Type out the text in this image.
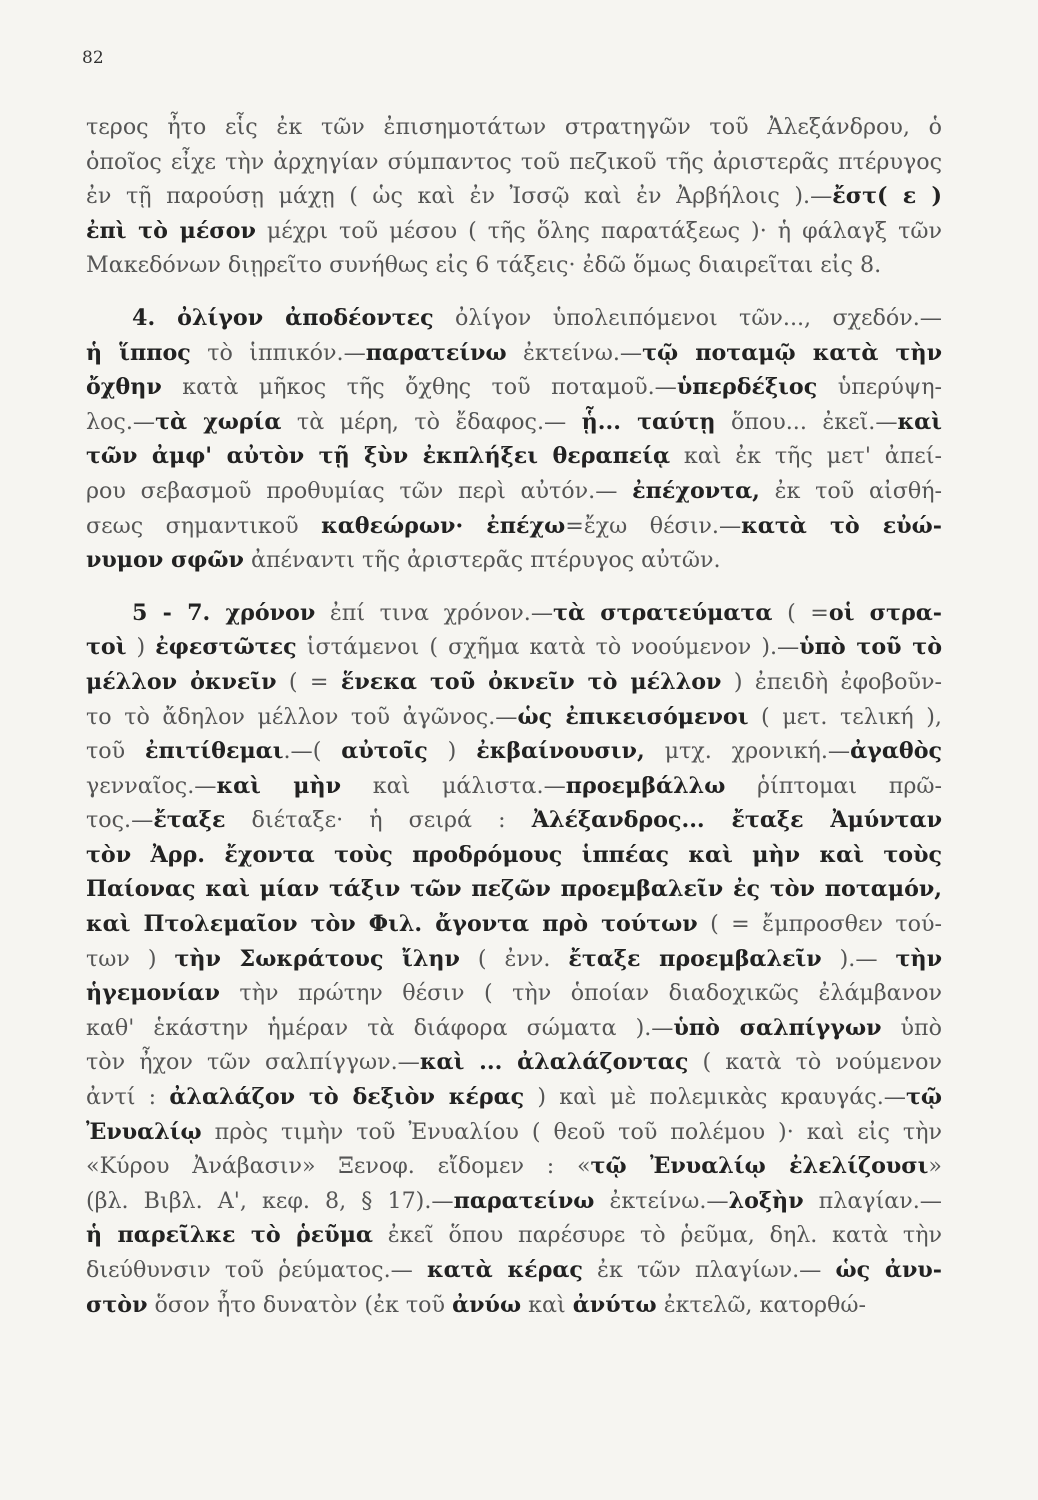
82
τερος ἦτο εἷς ἐκ τῶν ἐπισημοτάτων στρατηγῶν τοῦ Ἀλεξάνδρου, ὁ
ὁποῖος εἶχε τὴν ἀρχηγίαν σύμπαντος τοῦ πεζικοῦ τῆς ἀριστερᾶς πτέρυγος
ἐν τῇ παρούσῃ μάχῃ ( ὡς καὶ ἐν Ἰσσῷ καὶ ἐν Ἀρβήλοις ).—ἔστ( ε )
ἐπὶ τὸ μέσον μέχρι τοῦ μέσου ( τῆς ὅλης παρατάξεως )· ἡ φάλαγξ τῶν
Μακεδόνων διῃρεῖτο συνήθως εἰς 6 τάξεις· ἐδῶ ὅμως διαιρεῖται εἰς 8.
4. ὀλίγον ἀποδέοντες ὀλίγον ὑπολειπόμενοι τῶν..., σχεδόν.—
ἡ ἵππος τὸ ἱππικόν.—παρατείνω ἐκτείνω.—τῷ ποταμῷ κατὰ τὴν
ὄχθην κατὰ μῆκος τῆς ὄχθης τοῦ ποταμοῦ.—ὑπερδέξιος ὑπερύψη-
λος.—τὰ χωρία τὰ μέρη, τὸ ἔδαφος.— ᾗ... ταύτῃ ὅπου... ἐκεῖ.—καὶ
τῶν ἀμφ' αὐτὸν τῇ ξὺν ἐκπλήξει θεραπείᾳ καὶ ἐκ τῆς μετ' ἀπεί-
ρου σεβασμοῦ προθυμίας τῶν περὶ αὐτόν.— ἐπέχοντα, ἐκ τοῦ αἰσθή-
σεως σημαντικοῦ καθεώρων· ἐπέχω=ἔχω θέσιν.—κατὰ τὸ εὐώ-
νυμον σφῶν ἀπέναντι τῆς ἀριστερᾶς πτέρυγος αὐτῶν.
5 - 7. χρόνον ἐπί τινα χρόνον.—τὰ στρατεύματα ( =οἱ στρα-
τοὶ ) ἐφεστῶτες ἱστάμενοι ( σχῆμα κατὰ τὸ νοούμενον ).—ὑπὸ τοῦ τὸ
μέλλον ὀκνεῖν ( = ἕνεκα τοῦ ὀκνεῖν τὸ μέλλον ) ἐπειδὴ ἐφοβοῦν-
το τὸ ἄδηλον μέλλον τοῦ ἀγῶνος.—ὡς ἐπικεισόμενοι ( μετ. τελική ),
τοῦ ἐπιτίθεμαι.—( αὐτοῖς ) ἐκβαίνουσιν, μτχ. χρονική.—ἀγαθὸς
γενναῖος.—καὶ μὴν καὶ μάλιστα.—προεμβάλλω ῥίπτομαι πρῶ-
τος.—ἔταξε διέταξε· ἡ σειρά : Ἀλέξανδρος... ἔταξε Ἀμύνταν
τὸν Ἀρρ. ἔχοντα τοὺς προδρόμους ἱππέας καὶ μὴν καὶ τοὺς
Παίονας καὶ μίαν τάξιν τῶν πεζῶν προεμβαλεῖν ἐς τὸν ποταμόν,
καὶ Πτολεμαῖον τὸν Φιλ. ἄγοντα πρὸ τούτων ( = ἔμπροσθεν τού-
των ) τὴν Σωκράτους ἴλην ( ἐνν. ἔταξε προεμβαλεῖν ).— τὴν
ἡγεμονίαν τὴν πρώτην θέσιν ( τὴν ὁποίαν διαδοχικῶς ἐλάμβανον
καθ' ἑκάστην ἡμέραν τὰ διάφορα σώματα ).—ὑπὸ σαλπίγγων ὑπὸ
τὸν ἦχον τῶν σαλπίγγων.—καὶ ... ἀλαλάζοντας ( κατὰ τὸ νούμενον
ἀντί : ἀλαλάζον τὸ δεξιὸν κέρας ) καὶ μὲ πολεμικὰς κραυγάς.—τῷ
Ἐνυαλίῳ πρὸς τιμὴν τοῦ Ἐνυαλίου ( θεοῦ τοῦ πολέμου )· καὶ εἰς τὴν
«Κύρου Ἀνάβασιν» Ξενοφ. εἴδομεν : «τῷ Ἐνυαλίῳ ἐλελίζουσι»
(βλ. Βιβλ. Α', κεφ. 8, § 17).—παρατείνω ἐκτείνω.—λοξὴν πλαγίαν.—
ἡ παρεῖλκε τὸ ῥεῦμα ἐκεῖ ὅπου παρέσυρε τὸ ῥεῦμα, δηλ. κατὰ τὴν
διεύθυνσιν τοῦ ῥεύματος.— κατὰ κέρας ἐκ τῶν πλαγίων.— ὡς ἀνυ-
στὸν ὅσον ἦτο δυνατὸν (ἐκ τοῦ ἀνύω καὶ ἀνύτω ἐκτελῶ, κατορθώ-
